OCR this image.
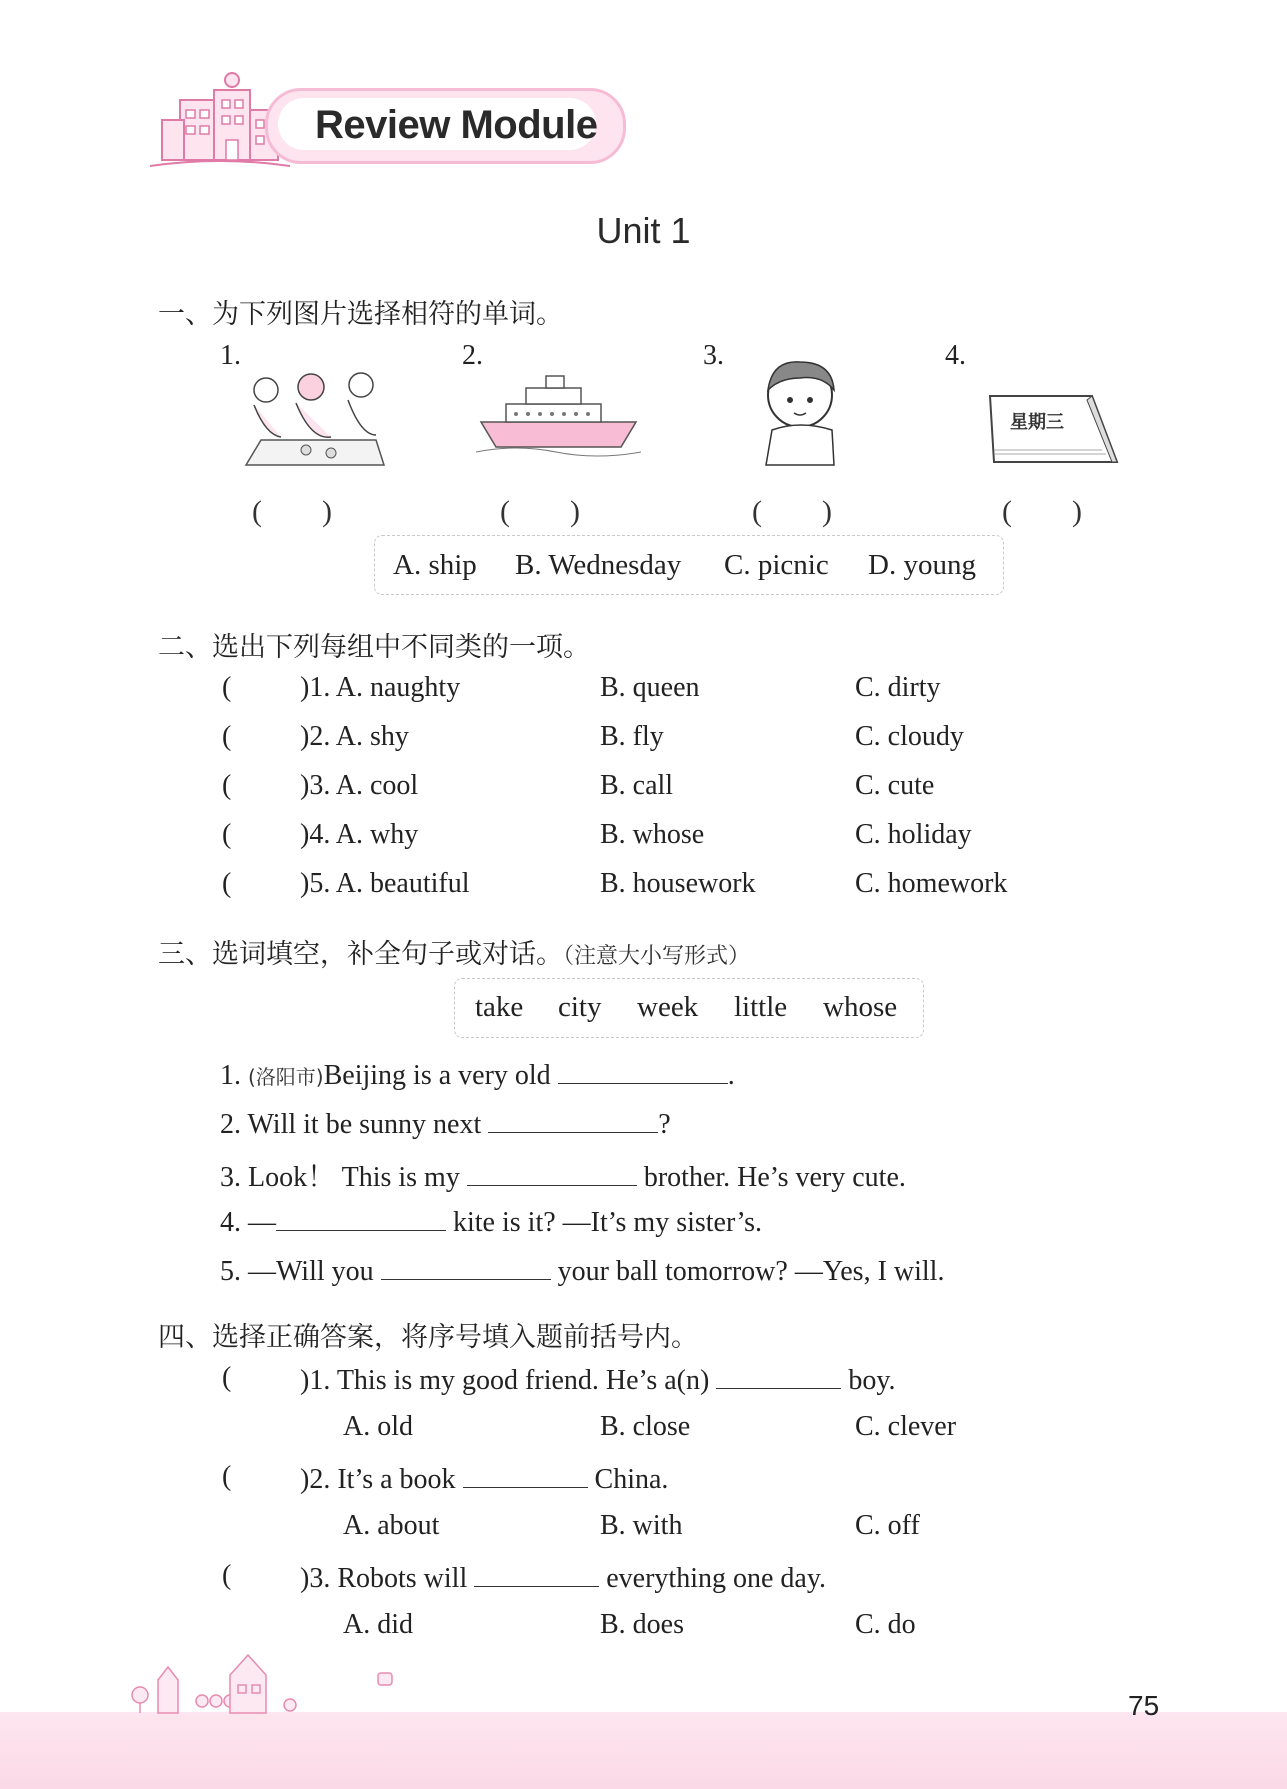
Review Module
Unit 1
一、为下列图片选择相符的单词。
1.	2.	3.	4.
星期三
(　　)	(　　)	(　　)	(　　)
A. ship B. Wednesday C. picnic D. young
二、选出下列每组中不同类的一项。
( )1. A. naughty	B. queen	C. dirty
( )2. A. shy	B. fly	C. cloudy
( )3. A. cool	B. call	C. cute
( )4. A. why	B. whose	C. holiday
( )5. A. beautiful	B. housework	C. homework
三、选词填空，补全句子或对话。（注意大小写形式）
take city week little whose
1. (洛阳市)Beijing is a very old	.
2. Will it be sunny next	?
3. Look！ This is my	brother. He’s very cute.
4. —	kite is it? —It’s my sister’s.
5. —Will you	your ball tomorrow? —Yes, I will.
四、选择正确答案，将序号填入题前括号内。
( )1. This is my good friend. He’s a(n)	boy.
A. old	B. close	C. clever
( )2. It’s a book	China.
A. about	B. with	C. off
( )3. Robots will	everything one day.
A. did	B. does	C. do
75
